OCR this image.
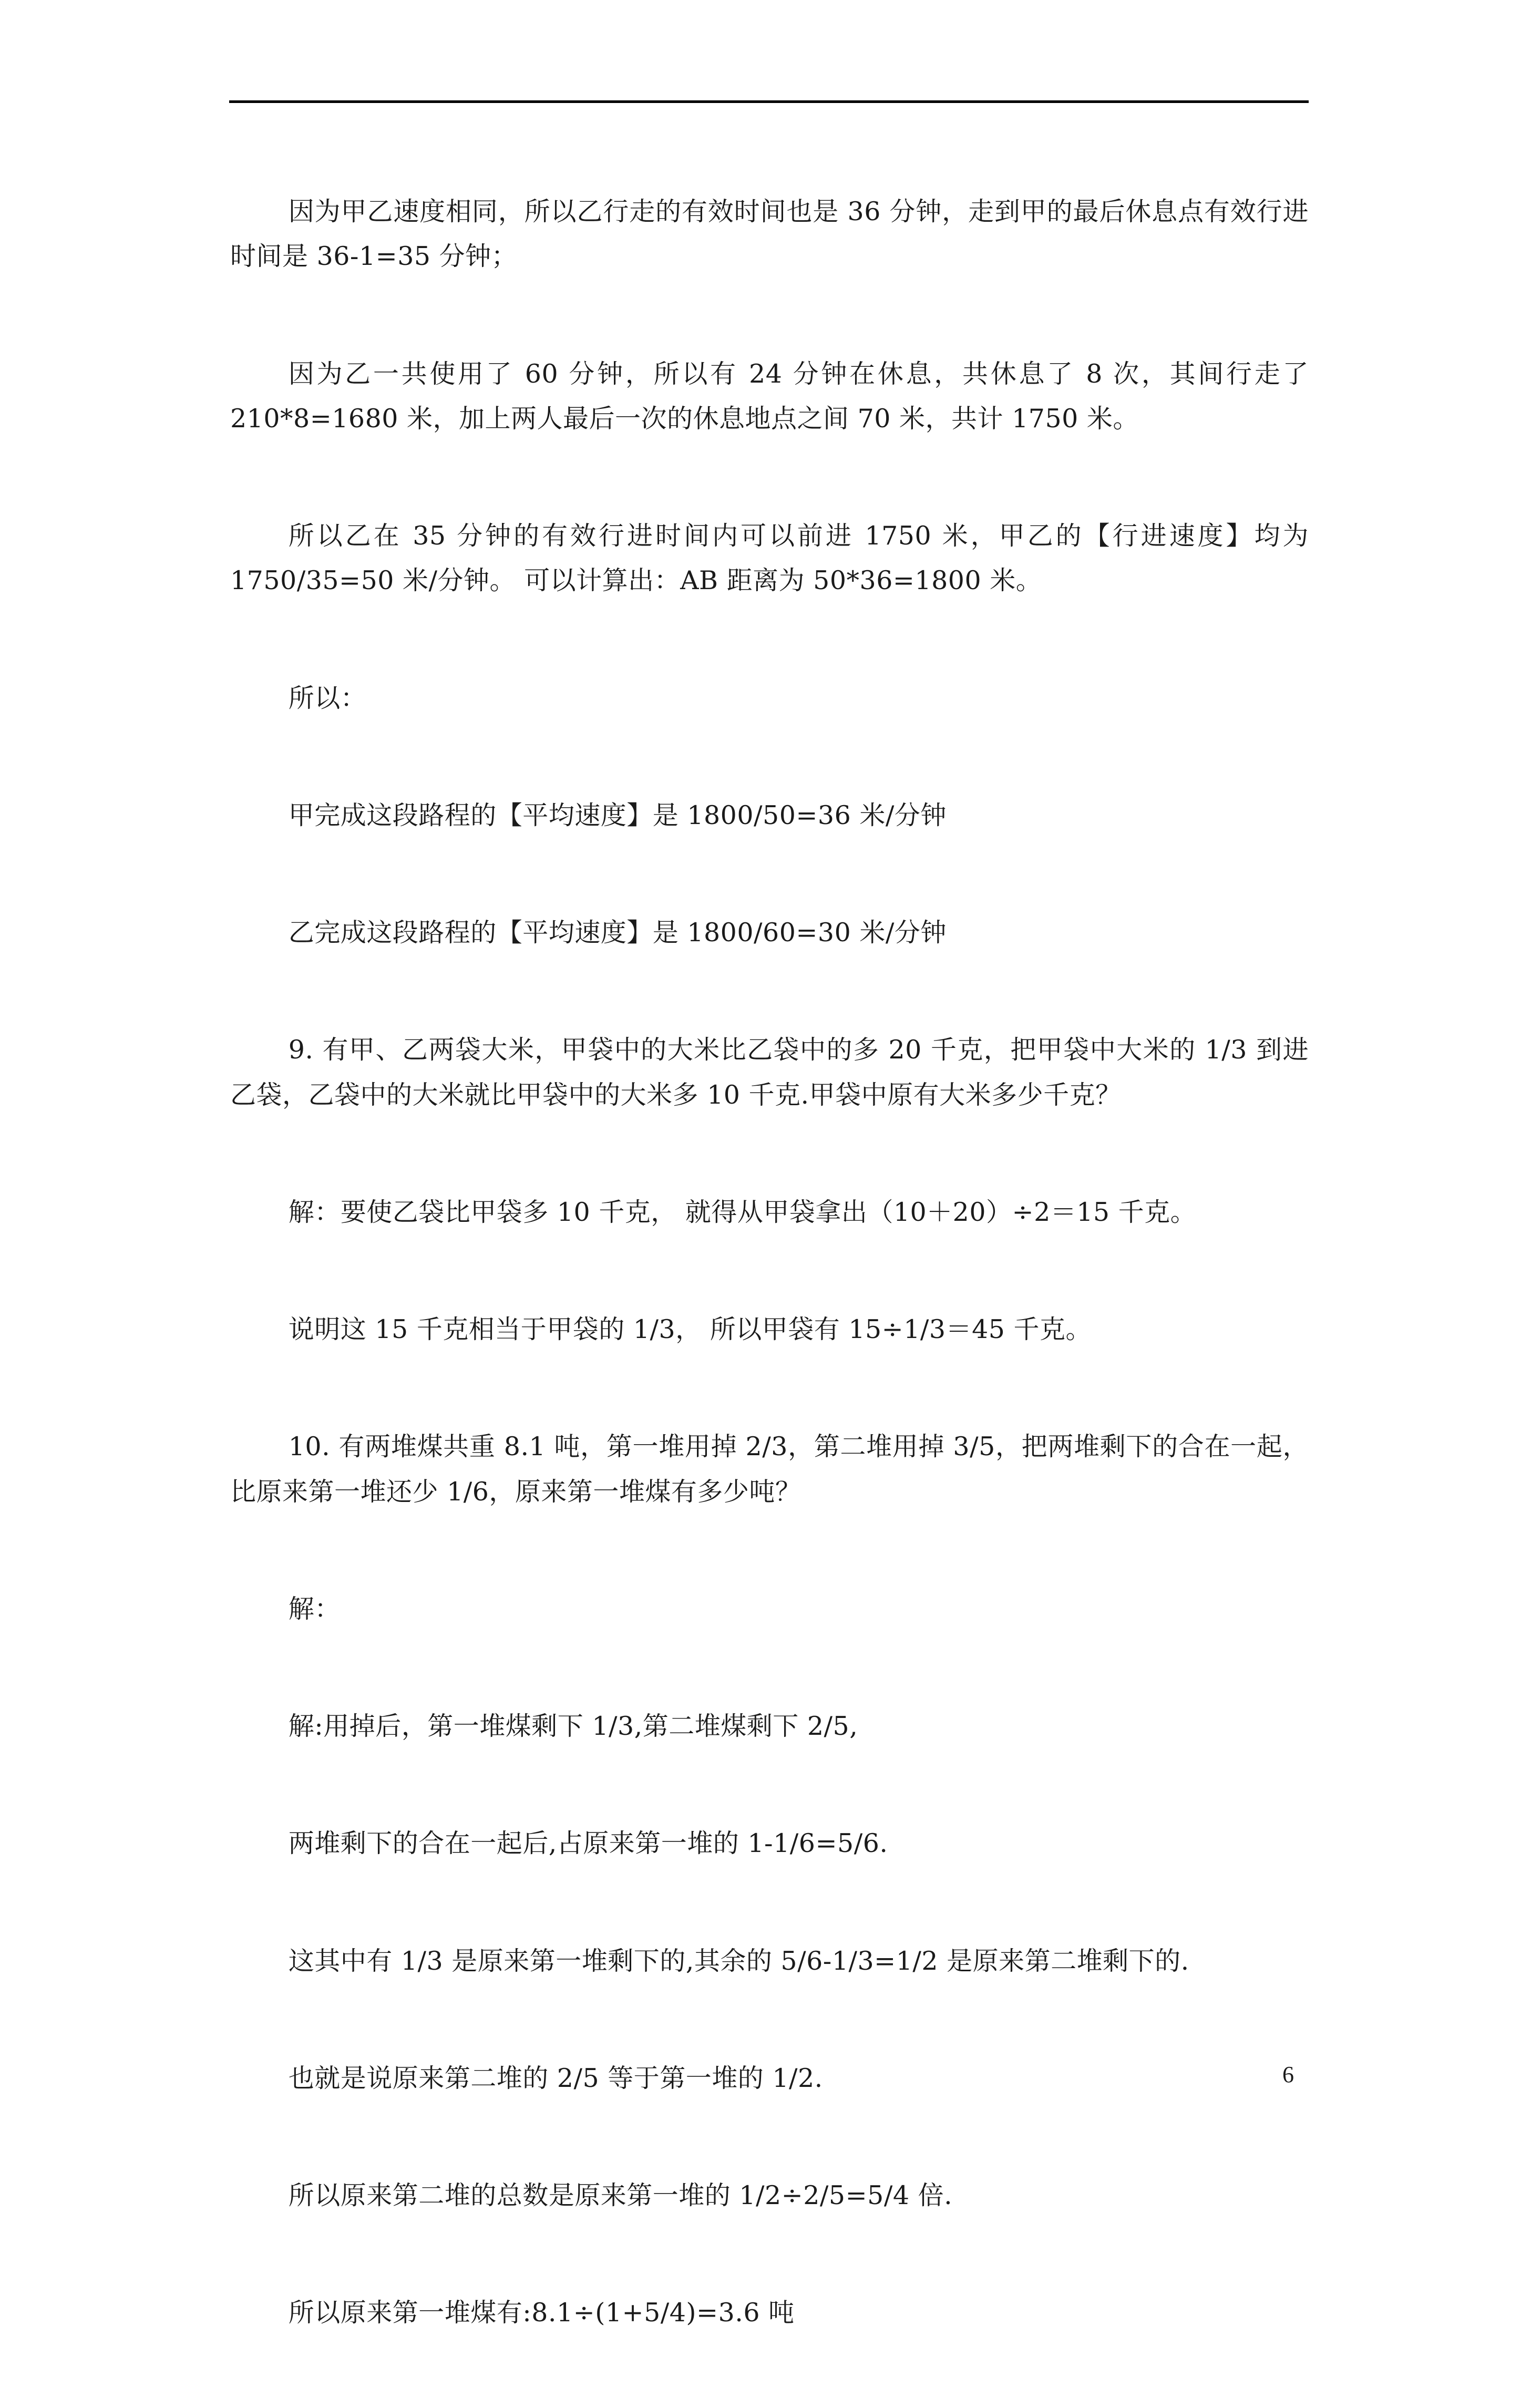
因为甲乙速度相同，所以乙行走的有效时间也是 36 分钟，走到甲的最后休息点有效行进时间是 36-1=35 分钟；

因为乙一共使用了 60 分钟，所以有 24 分钟在休息，共休息了 8 次，其间行走了 210*8=1680 米，加上两人最后一次的休息地点之间 70 米，共计 1750 米。

所以乙在 35 分钟的有效行进时间内可以前进 1750 米，甲乙的【行进速度】均为 1750/35=50 米/分钟。 可以计算出：AB 距离为 50*36=1800 米。

所以：

甲完成这段路程的【平均速度】是 1800/50=36 米/分钟

乙完成这段路程的【平均速度】是 1800/60=30 米/分钟

9. 有甲、乙两袋大米，甲袋中的大米比乙袋中的多 20 千克，把甲袋中大米的 1/3 到进乙袋，乙袋中的大米就比甲袋中的大米多 10 千克.甲袋中原有大米多少千克？

解：要使乙袋比甲袋多 10 千克， 就得从甲袋拿出（10＋20）÷2＝15 千克。

说明这 15 千克相当于甲袋的 1/3， 所以甲袋有 15÷1/3＝45 千克。

10. 有两堆煤共重 8.1 吨，第一堆用掉 2/3，第二堆用掉 3/5，把两堆剩下的合在一起，比原来第一堆还少 1/6，原来第一堆煤有多少吨？

解：

解:用掉后，第一堆煤剩下 1/3,第二堆煤剩下 2/5,

两堆剩下的合在一起后,占原来第一堆的 1-1/6=5/6.

这其中有 1/3 是原来第一堆剩下的,其余的 5/6-1/3=1/2 是原来第二堆剩下的.

也就是说原来第二堆的 2/5 等于第一堆的 1/2.

所以原来第二堆的总数是原来第一堆的 1/2÷2/5=5/4 倍.

所以原来第一堆煤有:8.1÷(1+5/4)=3.6 吨

6
